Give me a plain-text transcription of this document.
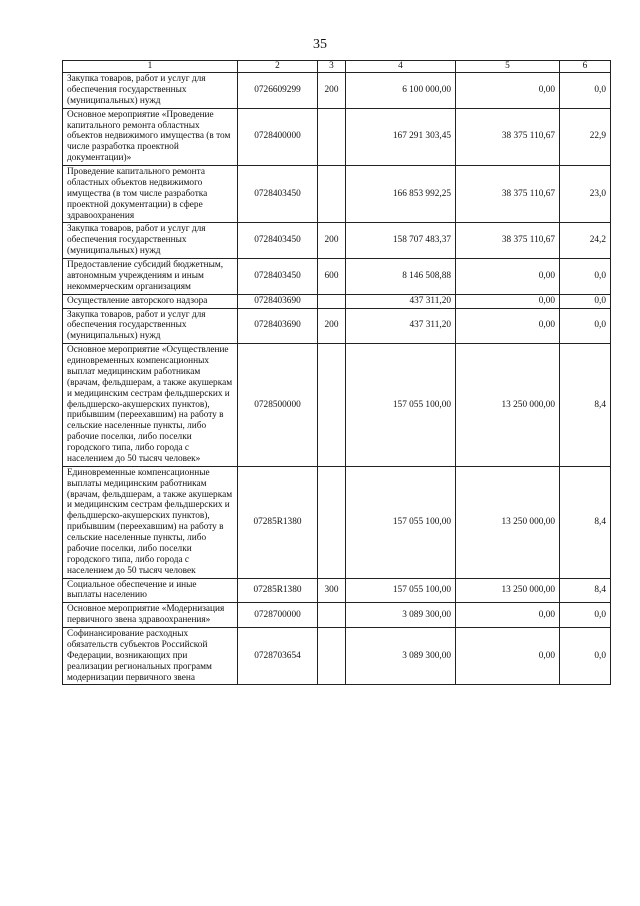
35
1	2	3	4	5	6
Закупка товаров, работ и услуг для обеспечения государственных (муниципальных) нужд	0726609299	200	6 100 000,00	0,00	0,0
Основное мероприятие «Проведение капитального ремонта областных объектов недвижимого имущества (в том числе разработка проектной документации)»	0728400000		167 291 303,45	38 375 110,67	22,9
Проведение капитального ремонта областных объектов недвижимого имущества (в том числе разработка проектной документации) в сфере здравоохранения	0728403450		166 853 992,25	38 375 110,67	23,0
Закупка товаров, работ и услуг для обеспечения государственных (муниципальных) нужд	0728403450	200	158 707 483,37	38 375 110,67	24,2
Предоставление субсидий бюджетным, автономным учреждениям и иным некоммерческим организациям	0728403450	600	8 146 508,88	0,00	0,0
Осуществление авторского надзора	0728403690		437 311,20	0,00	0,0
Закупка товаров, работ и услуг для обеспечения государственных (муниципальных) нужд	0728403690	200	437 311,20	0,00	0,0
Основное мероприятие «Осуществление единовременных компенсационных выплат медицинским работникам (врачам, фельдшерам, а также акушеркам и медицинским сестрам фельдшерских и фельдшерско-акушерских пунктов), прибывшим (переехавшим) на работу в сельские населенные пункты, либо рабочие поселки, либо поселки городского типа, либо города с населением до 50 тысяч человек»	0728500000		157 055 100,00	13 250 000,00	8,4
Единовременные компенсационные выплаты медицинским работникам (врачам, фельдшерам, а также акушеркам и медицинским сестрам фельдшерских и фельдшерско-акушерских пунктов), прибывшим (переехавшим) на работу в сельские населенные пункты, либо рабочие поселки, либо поселки городского типа, либо города с населением до 50 тысяч человек	07285R1380		157 055 100,00	13 250 000,00	8,4
Социальное обеспечение и иные выплаты населению	07285R1380	300	157 055 100,00	13 250 000,00	8,4
Основное мероприятие «Модернизация первичного звена здравоохранения»	0728700000		3 089 300,00	0,00	0,0
Софинансирование расходных обязательств субъектов Российской Федерации, возникающих при реализации региональных программ модернизации первичного звена	0728703654		3 089 300,00	0,00	0,0
